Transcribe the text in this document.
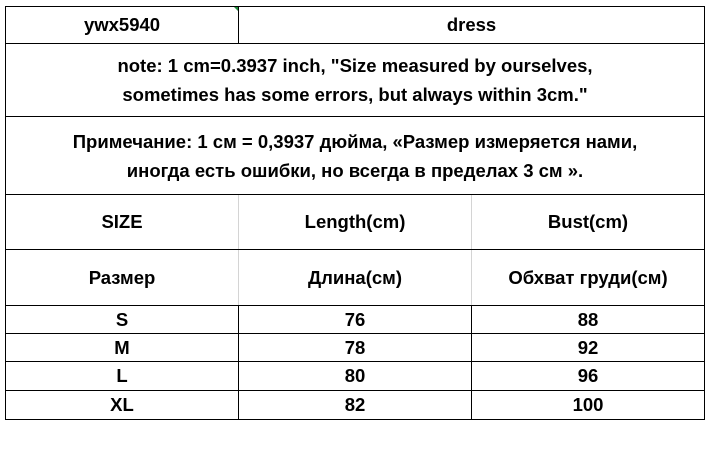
ywx5940	dress	

note: 1 cm=0.3937 inch, "Size measured by ourselves,
sometimes has some errors, but always within 3cm."		

Примечание: 1 см = 0,3937 дюйма, «Размер измеряется нами,
иногда есть ошибки, но всегда в пределах 3 см ».		

SIZE	Length(cm)	Bust(cm)
Размер	Длина(см)	Обхват груди(см)
S	76	88
M	78	92
L	80	96
XL	82	100
